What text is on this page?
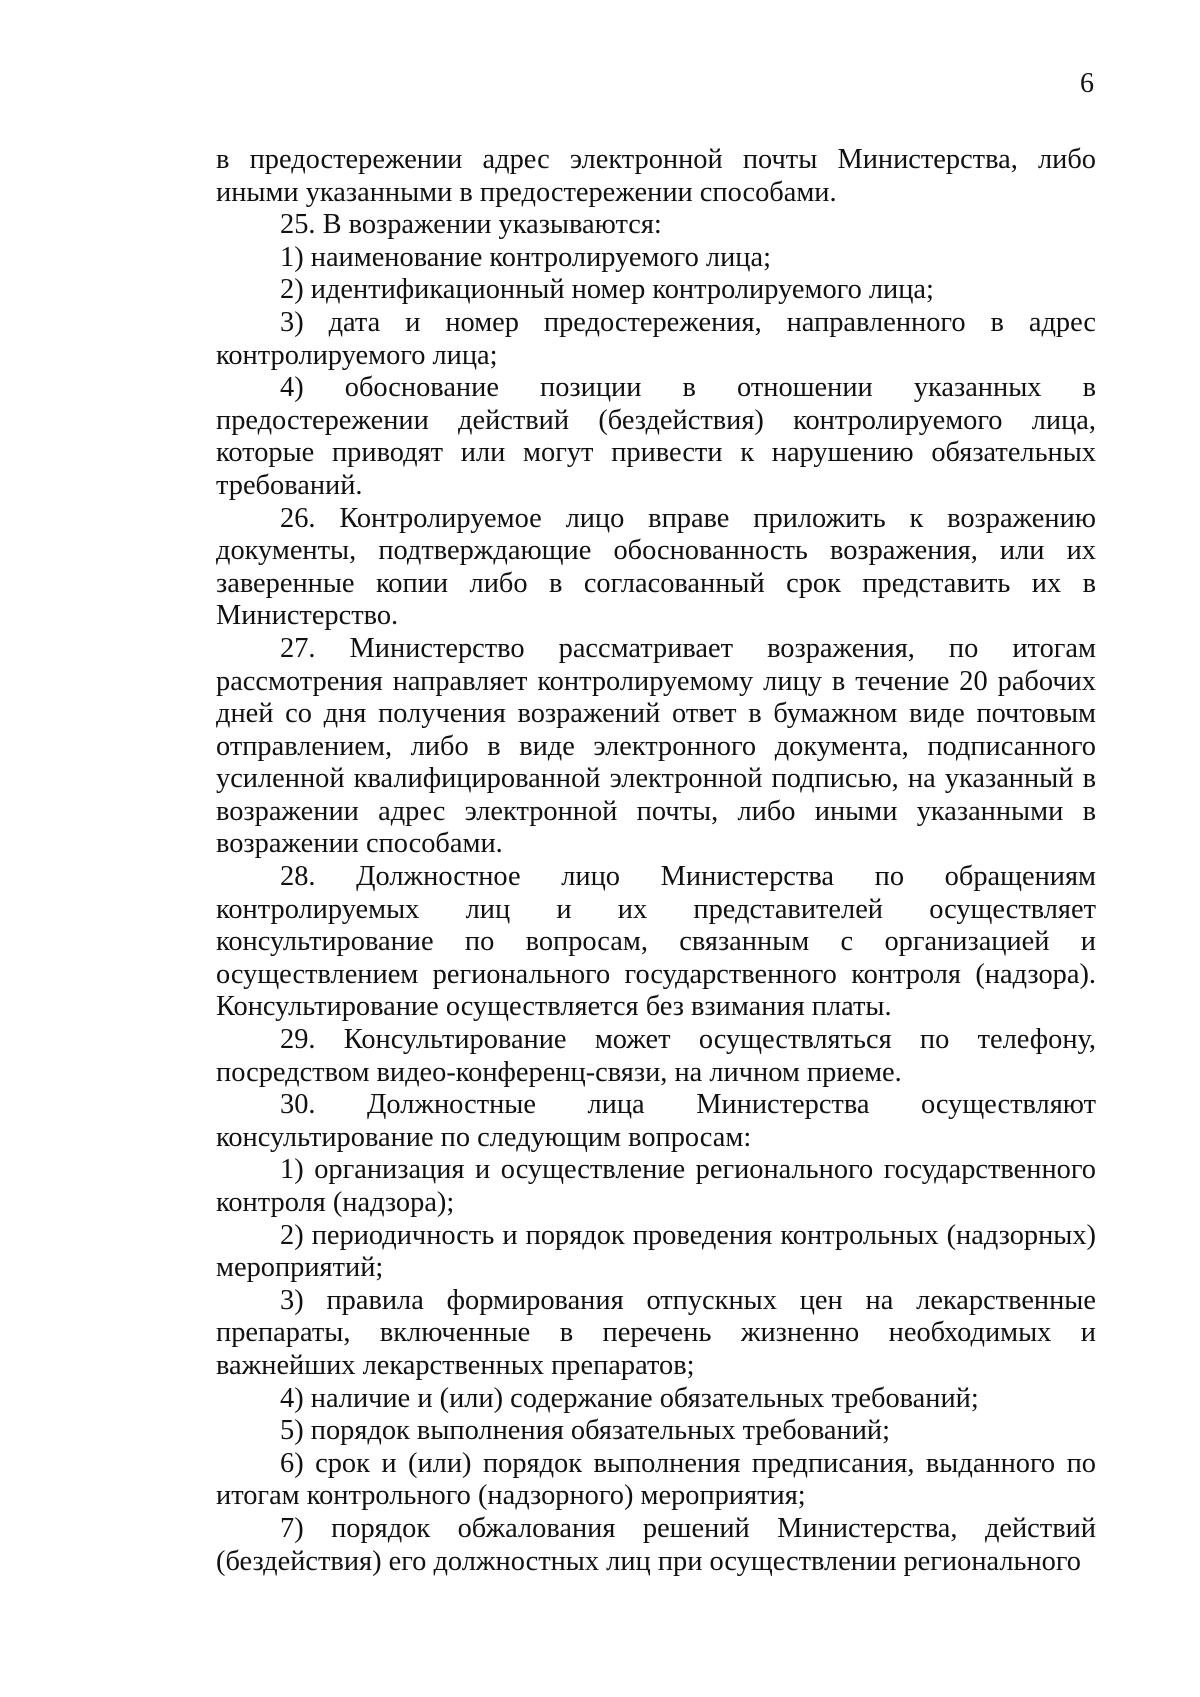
6

в предостережении адрес электронной почты Министерства, либо иными указанными в предостережении способами.

25. В возражении указываются:

1) наименование контролируемого лица;

2) идентификационный номер контролируемого лица;

3) дата и номер предостережения, направленного в адрес контролируемого лица;

4) обоснование позиции в отношении указанных в предостережении действий (бездействия) контролируемого лица, которые приводят или могут привести к нарушению обязательных требований.

26. Контролируемое лицо вправе приложить к возражению документы, подтверждающие обоснованность возражения, или их заверенные копии либо в согласованный срок представить их в Министерство.

27. Министерство рассматривает возражения, по итогам рассмотрения направляет контролируемому лицу в течение 20 рабочих дней со дня получения возражений ответ в бумажном виде почтовым отправлением, либо в виде электронного документа, подписанного усиленной квалифицированной электронной подписью, на указанный в возражении адрес электронной почты, либо иными указанными в возражении способами.

28. Должностное лицо Министерства по обращениям контролируемых лиц и их представителей осуществляет консультирование по вопросам, связанным с организацией и осуществлением регионального государственного контроля (надзора). Консультирование осуществляется без взимания платы.

29. Консультирование может осуществляться по телефону, посредством видео-конференц-связи, на личном приеме.

30. Должностные лица Министерства осуществляют консультирование по следующим вопросам:

1) организация и осуществление регионального государственного контроля (надзора);

2) периодичность и порядок проведения контрольных (надзорных) мероприятий;

3) правила формирования отпускных цен на лекарственные препараты, включенные в перечень жизненно необходимых и важнейших лекарственных препаратов;

4) наличие и (или) содержание обязательных требований;

5) порядок выполнения обязательных требований;

6) срок и (или) порядок выполнения предписания, выданного по итогам контрольного (надзорного) мероприятия;

7) порядок обжалования решений Министерства, действий (бездействия) его должностных лиц при осуществлении регионального
